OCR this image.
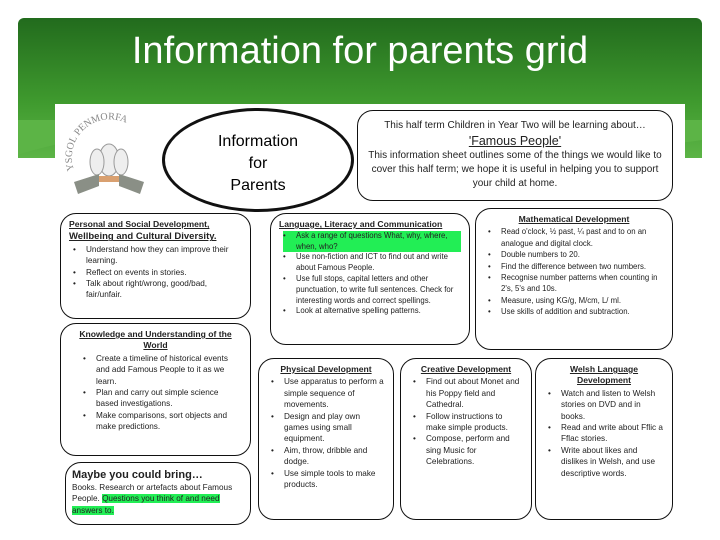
Information for parents grid
YSGOL PENMORFA
Information
for
Parents
This half term Children in Year Two will be learning about…
'Famous People'
This information sheet outlines some of the things we would like to cover this half term; we hope it is useful in helping you to support your child at home.
Personal and Social Development,
Wellbeing and Cultural Diversity.
• Understand how they can improve their learning.
• Reflect on events in stories.
• Talk about right/wrong, good/bad, fair/unfair.
Language, Literacy and Communication
• Ask a range of questions What, why, where, when, who?
• Use non-fiction and ICT to find out and write about Famous People.
• Use full stops, capital letters and other punctuation, to write full sentences. Check for interesting words and correct spellings.
• Look at alternative spelling patterns.
Mathematical Development
• Read o'clock, ½ past, ¼ past and to on an analogue and digital clock.
• Double numbers to 20.
• Find the difference between two numbers.
• Recognise number patterns when counting in 2's, 5's and 10s.
• Measure, using KG/g, M/cm, L/ ml.
• Use skills of addition and subtraction.
Knowledge and Understanding of the World
• Create a timeline of historical events and add Famous People to it as we learn.
• Plan and carry out simple science based investigations.
• Make comparisons, sort objects and make predictions.
Maybe you could bring…
Books. Research or artefacts about Famous People. Questions you think of and need answers to.
Physical Development
• Use apparatus to perform a simple sequence of movements.
• Design and play own games using small equipment.
• Aim, throw, dribble and dodge.
• Use simple tools to make products.
Creative Development
• Find out about Monet and his Poppy field and Cathedral.
• Follow instructions to make simple products.
• Compose, perform and sing Music for Celebrations.
Welsh Language Development
• Watch and listen to Welsh stories on DVD and in books.
• Read and write about Fflic a Fflac stories.
• Write about likes and dislikes in Welsh, and use descriptive words.
